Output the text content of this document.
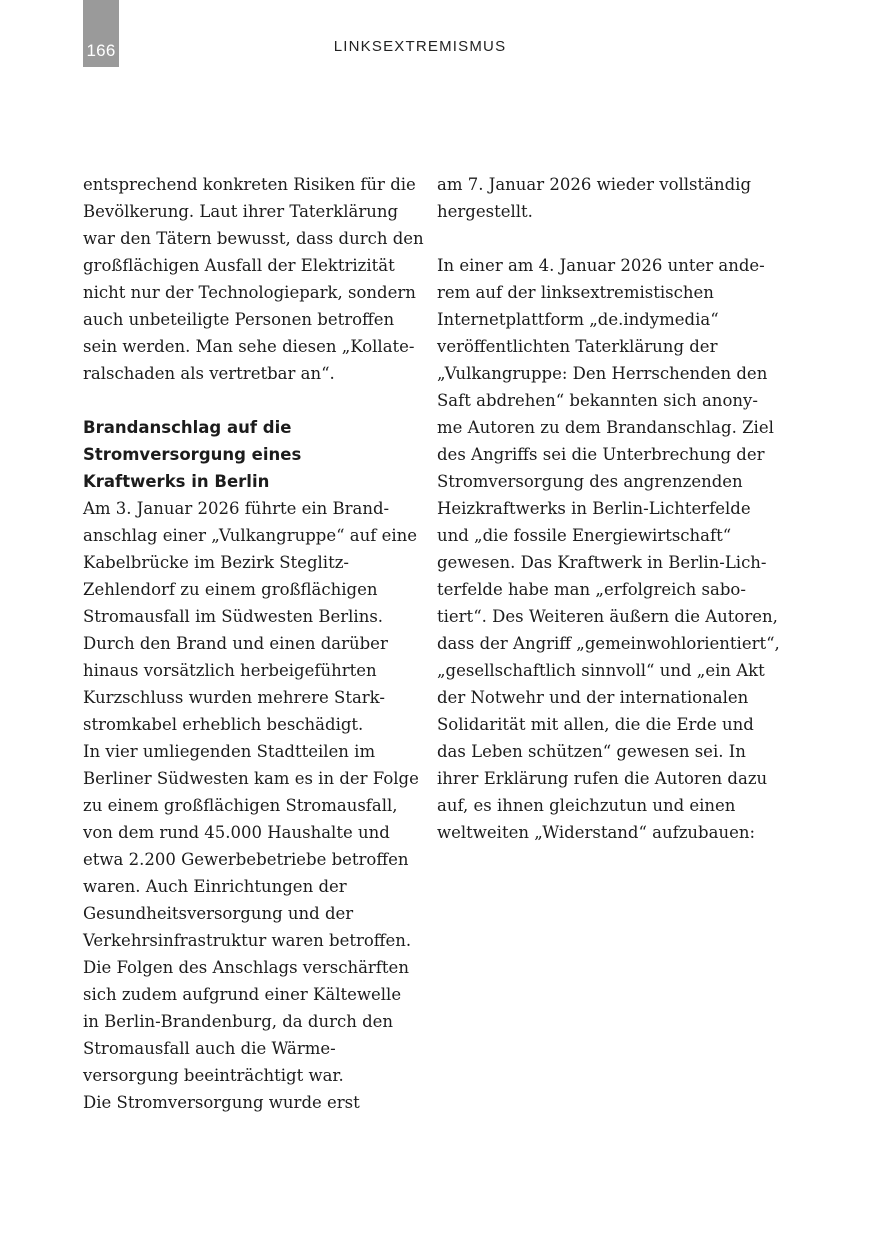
166	LINKSEXTREMISMUS
entsprechend konkreten Risiken für die
Bevölkerung. Laut ihrer Taterklärung
war den Tätern bewusst, dass durch den
großflächigen Ausfall der Elektrizität
nicht nur der Technologiepark, sondern
auch unbeteiligte Personen betroffen
sein werden. Man sehe diesen „Kollate-
ralschaden als vertretbar an“.
Brandanschlag auf die
Stromversorgung eines
Kraftwerks in Berlin
Am 3. Januar 2026 führte ein Brand-
anschlag einer „Vulkangruppe“ auf eine
Kabelbrücke im Bezirk Steglitz-
Zehlendorf zu einem großflächigen
Stromausfall im Südwesten Berlins.
Durch den Brand und einen darüber
hinaus vorsätzlich herbeigeführten
Kurzschluss wurden mehrere Stark-
stromkabel erheblich beschädigt.
In vier umliegenden Stadtteilen im
Berliner Südwesten kam es in der Folge
zu einem großflächigen Stromausfall,
von dem rund 45.000 Haushalte und
etwa 2.200 Gewerbebetriebe betroffen
waren. Auch Einrichtungen der
Gesundheitsversorgung und der
Verkehrsinfrastruktur waren betroffen.
Die Folgen des Anschlags verschärften
sich zudem aufgrund einer Kältewelle
in Berlin-Brandenburg, da durch den
Stromausfall auch die Wärme-
versorgung beeinträchtigt war.
Die Stromversorgung wurde erst
am 7. Januar 2026 wieder vollständig
hergestellt.
In einer am 4. Januar 2026 unter ande-
rem auf der linksextremistischen
Internetplattform „de.indymedia“
veröffentlichten Taterklärung der
„Vulkangruppe: Den Herrschenden den
Saft abdrehen“ bekannten sich anony-
me Autoren zu dem Brandanschlag. Ziel
des Angriffs sei die Unterbrechung der
Stromversorgung des angrenzenden
Heizkraftwerks in Berlin-Lichterfelde
und „die fossile Energiewirtschaft“
gewesen. Das Kraftwerk in Berlin-Lich-
terfelde habe man „erfolgreich sabo-
tiert“. Des Weiteren äußern die Autoren,
dass der Angriff „gemeinwohlorientiert“,
„gesellschaftlich sinnvoll“ und „ein Akt
der Notwehr und der internationalen
Solidarität mit allen, die die Erde und
das Leben schützen“ gewesen sei. In
ihrer Erklärung rufen die Autoren dazu
auf, es ihnen gleichzutun und einen
weltweiten „Widerstand“ aufzubauen:
